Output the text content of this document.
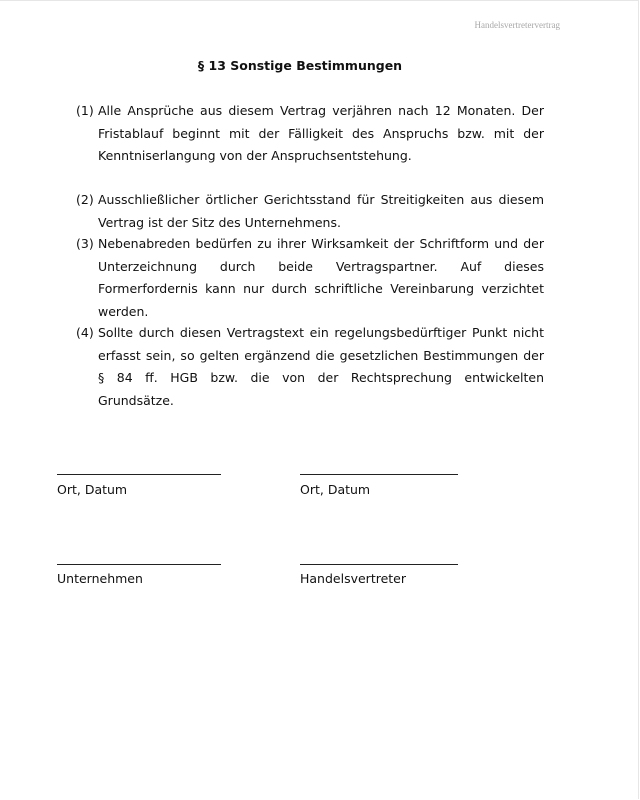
Handelsvertretervertrag
§ 13 Sonstige Bestimmungen
(1) Alle Ansprüche aus diesem Vertrag verjähren nach 12 Monaten. Der Fristablauf beginnt mit der Fälligkeit des Anspruchs bzw. mit der Kenntniserlangung von der Anspruchsentstehung.
(2) Ausschließlicher örtlicher Gerichtsstand für Streitigkeiten aus diesem Vertrag ist der Sitz des Unternehmens.
(3) Nebenabreden bedürfen zu ihrer Wirksamkeit der Schriftform und der Unterzeichnung durch beide Vertragspartner. Auf dieses Formerfordernis kann nur durch schriftliche Vereinbarung verzichtet werden.
(4) Sollte durch diesen Vertragstext ein regelungsbedürftiger Punkt nicht erfasst sein, so gelten ergänzend die gesetzlichen Bestimmungen der § 84 ff. HGB bzw. die von der Rechtsprechung entwickelten Grundsätze.
Ort, Datum	Ort, Datum
Unternehmen	Handelsvertreter
